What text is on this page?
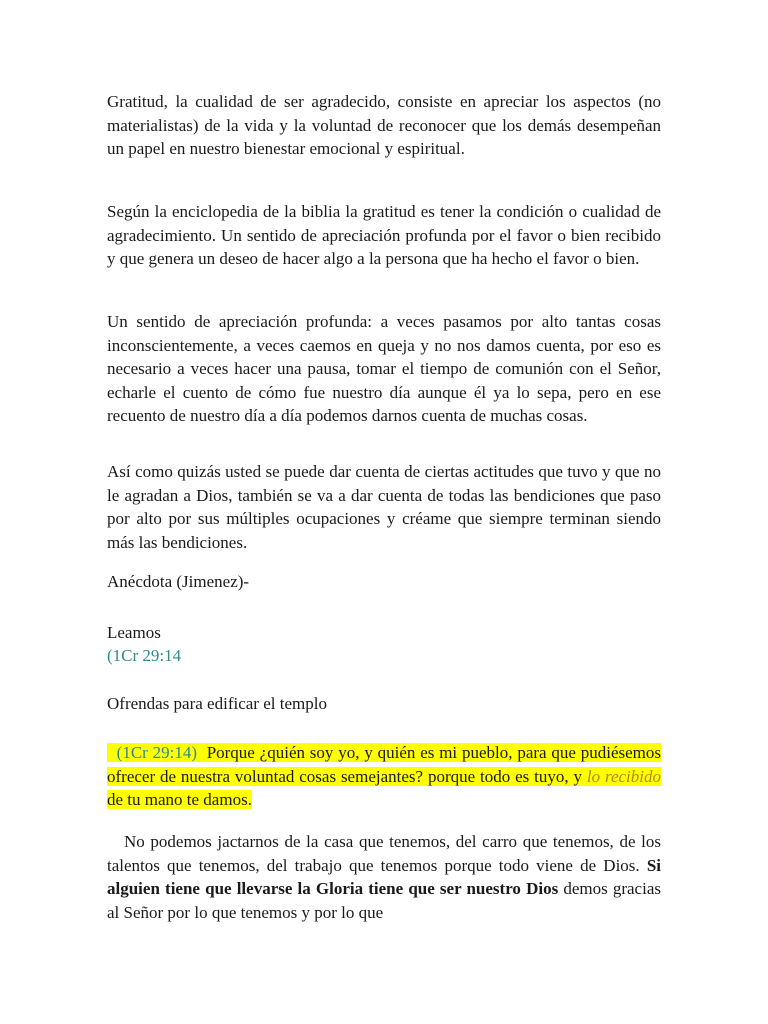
Gratitud, la cualidad de ser agradecido, consiste en apreciar los aspectos (no materialistas) de la vida y la voluntad de reconocer que los demás desempeñan un papel en nuestro bienestar emocional y espiritual.

Según la enciclopedia de la biblia la gratitud es tener la condición o cualidad de agradecimiento. Un sentido de apreciación profunda por el favor o bien recibido y que genera un deseo de hacer algo a la persona que ha hecho el favor o bien.

Un sentido de apreciación profunda: a veces pasamos por alto tantas cosas inconscientemente, a veces caemos en queja y no nos damos cuenta, por eso es necesario a veces hacer una pausa, tomar el tiempo de comunión con el Señor, echarle el cuento de cómo fue nuestro día aunque él ya lo sepa, pero en ese recuento de nuestro día a día podemos darnos cuenta de muchas cosas.

Así como quizás usted se puede dar cuenta de ciertas actitudes que tuvo y que no le agradan a Dios, también se va a dar cuenta de todas las bendiciones que paso por alto por sus múltiples ocupaciones y créame que siempre terminan siendo más las bendiciones.

Anécdota (Jimenez)-

Leamos

(1Cr 29:14

Ofrendas para edificar el templo

(1Cr 29:14) Porque ¿quién soy yo, y quién es mi pueblo, para que pudiésemos ofrecer de nuestra voluntad cosas semejantes? porque todo es tuyo, y lo recibido de tu mano te damos.

No podemos jactarnos de la casa que tenemos, del carro que tenemos, de los talentos que tenemos, del trabajo que tenemos porque todo viene de Dios. Si alguien tiene que llevarse la Gloria tiene que ser nuestro Dios demos gracias al Señor por lo que tenemos y por lo que
